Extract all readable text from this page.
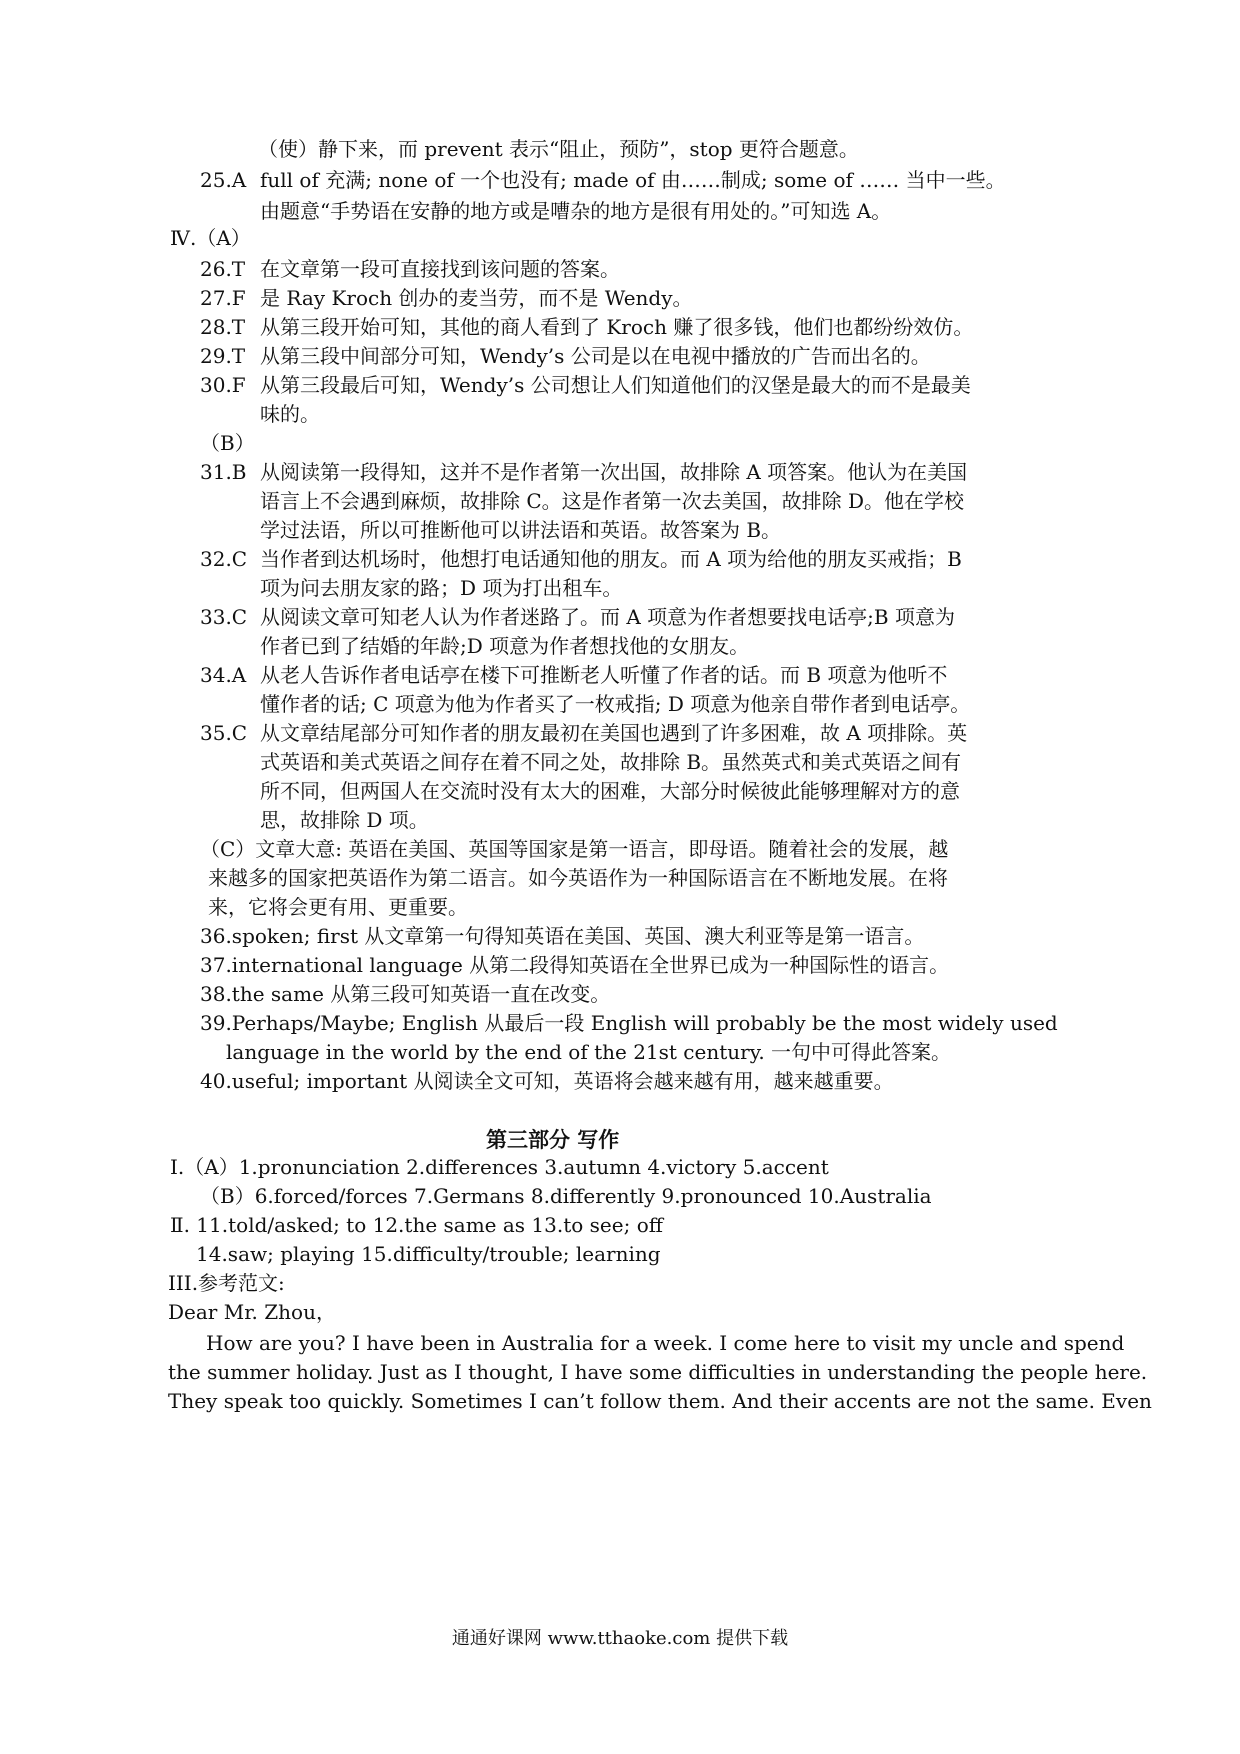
（使）静下来，而 prevent 表示“阻止，预防”，stop 更符合题意。
25.A full of 充满; none of 一个也没有; made of 由……制成; some of …… 当中一些。
由题意“手势语在安静的地方或是嘈杂的地方是很有用处的。”可知选 A。
Ⅳ.（A）
26.T 在文章第一段可直接找到该问题的答案。
27.F 是 Ray Kroch 创办的麦当劳，而不是 Wendy。
28.T 从第三段开始可知，其他的商人看到了 Kroch 赚了很多钱，他们也都纷纷效仿。
29.T 从第三段中间部分可知，Wendy’s 公司是以在电视中播放的广告而出名的。
30.F 从第三段最后可知，Wendy’s 公司想让人们知道他们的汉堡是最大的而不是最美
味的。
（B）
31.B 从阅读第一段得知，这并不是作者第一次出国，故排除 A 项答案。他认为在美国
语言上不会遇到麻烦，故排除 C。这是作者第一次去美国，故排除 D。他在学校
学过法语，所以可推断他可以讲法语和英语。故答案为 B。
32.C 当作者到达机场时，他想打电话通知他的朋友。而 A 项为给他的朋友买戒指；B
项为问去朋友家的路；D 项为打出租车。
33.C 从阅读文章可知老人认为作者迷路了。而 A 项意为作者想要找电话亭;B 项意为
作者已到了结婚的年龄;D 项意为作者想找他的女朋友。
34.A 从老人告诉作者电话亭在楼下可推断老人听懂了作者的话。而 B 项意为他听不
懂作者的话; C 项意为他为作者买了一枚戒指; D 项意为他亲自带作者到电话亭。
35.C 从文章结尾部分可知作者的朋友最初在美国也遇到了许多困难，故 A 项排除。英
式英语和美式英语之间存在着不同之处，故排除 B。虽然英式和美式英语之间有
所不同，但两国人在交流时没有太大的困难，大部分时候彼此能够理解对方的意
思，故排除 D 项。
（C）文章大意: 英语在美国、英国等国家是第一语言，即母语。随着社会的发展，越
来越多的国家把英语作为第二语言。如今英语作为一种国际语言在不断地发展。在将
来，它将会更有用、更重要。
36.spoken; first 从文章第一句得知英语在美国、英国、澳大利亚等是第一语言。
37.international language 从第二段得知英语在全世界已成为一种国际性的语言。
38.the same 从第三段可知英语一直在改变。
39.Perhaps/Maybe; English 从最后一段 English will probably be the most widely used
language in the world by the end of the 21st century. 一句中可得此答案。
40.useful; important 从阅读全文可知，英语将会越来越有用，越来越重要。
第三部分 写作
Ⅰ.（A）1.pronunciation 2.differences 3.autumn 4.victory 5.accent
（B）6.forced/forces 7.Germans 8.differently 9.pronounced 10.Australia
Ⅱ. 11.told/asked; to 12.the same as 13.to see; off
14.saw; playing 15.difficulty/trouble; learning
III.参考范文:
Dear Mr. Zhou，
How are you? I have been in Australia for a week. I come here to visit my uncle and spend
the summer holiday. Just as I thought, I have some difficulties in understanding the people here.
They speak too quickly. Sometimes I can’t follow them. And their accents are not the same. Even
通通好课网 www.tthaoke.com 提供下载
